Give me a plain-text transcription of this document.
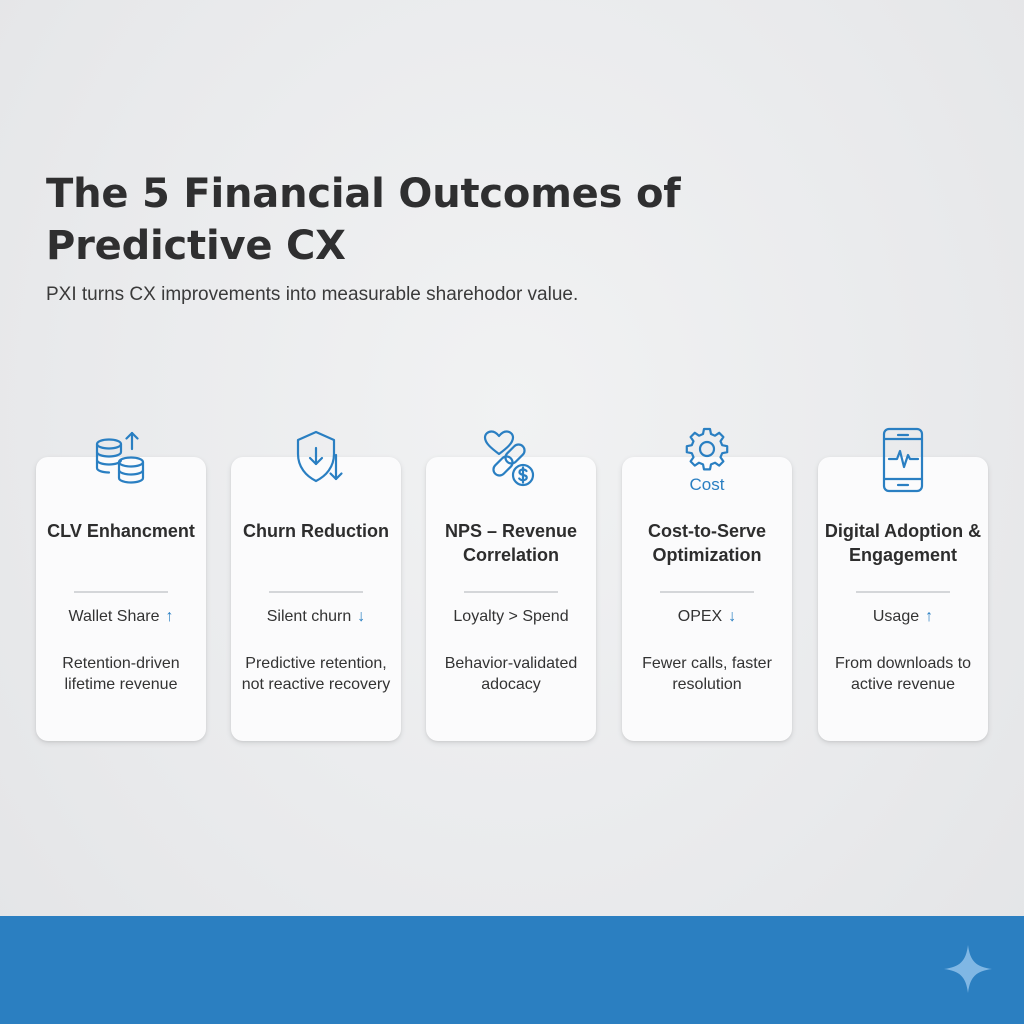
The 5 Financial Outcomes of Predictive CX

PXI turns CX improvements into measurable sharehodor value.

CLV Enhancment
Wallet Share ↑

Retention-driven lifetime revenue

Churn Reduction
Silent churn ↓

Predictive retention, not reactive recovery

NPS – Revenue Correlation
Loyalty > Spend

Behavior-validated adocacy

Cost
Cost-to-Serve Optimization
OPEX ↓

Fewer calls, faster resolution

Digital Adoption & Engagement
Usage ↑

From downloads to active revenue
